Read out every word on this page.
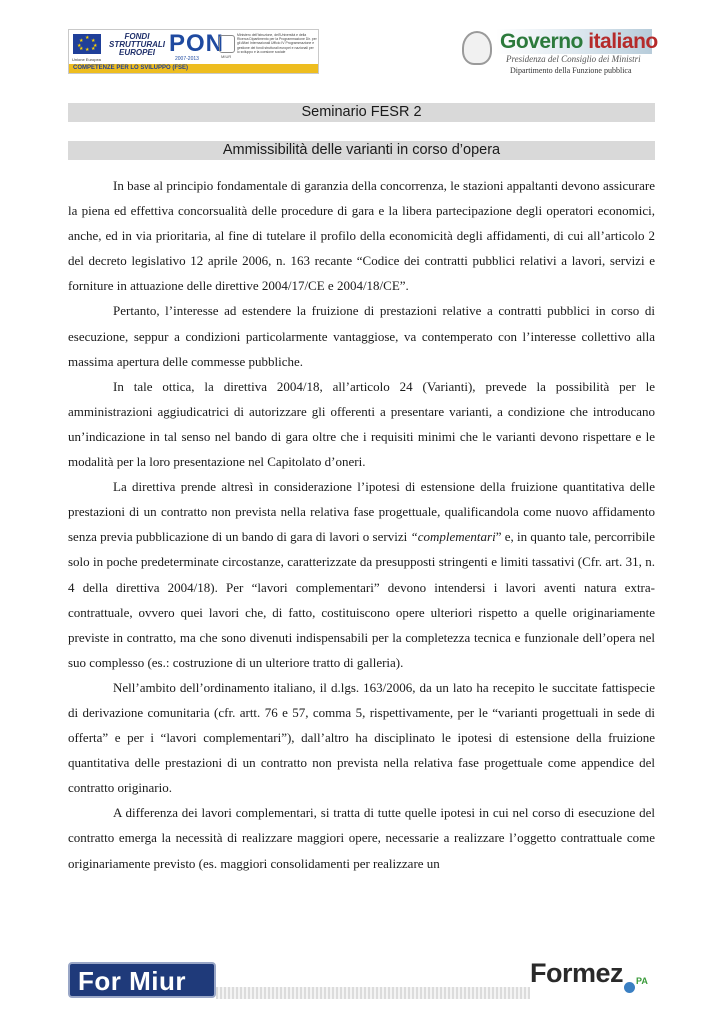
★
★
★
★
★
★ ★
★
Unione Europea
FONDI STRUTTURALI EUROPEI PON
2007-2013	MIUR
Ministero dell'Istruzione, dell'Università e della Ricerca Dipartimento per la Programmazione Dir. per gli Affari Internazionali Ufficio IV Programmazione e gestione dei fondi strutturali europei e nazionali per lo sviluppo e la coesione sociale
COMPETENZE PER LO SVILUPPO (FSE)
Governo italiano
Presidenza del Consiglio dei Ministri
Dipartimento della Funzione pubblica
Seminario FESR 2
Ammissibilità delle varianti in corso d’opera

In base al principio fondamentale di garanzia della concorrenza, le stazioni appaltanti devono assicurare la piena ed effettiva concorsualità delle procedure di gara e la libera partecipazione degli operatori economici, anche, ed in via prioritaria, al fine di tutelare il profilo della economicità degli affidamenti, di cui all’articolo 2 del decreto legislativo 12 aprile 2006, n. 163 recante “Codice dei contratti pubblici relativi a lavori, servizi e forniture in attuazione delle direttive 2004/17/CE e 2004/18/CE”.

Pertanto, l’interesse ad estendere la fruizione di prestazioni relative a contratti pubblici in corso di esecuzione, seppur a condizioni particolarmente vantaggiose, va contemperato con l’interesse collettivo alla massima apertura delle commesse pubbliche.

In tale ottica, la direttiva 2004/18, all’articolo 24 (Varianti), prevede la possibilità per le amministrazioni aggiudicatrici di autorizzare gli offerenti a presentare varianti, a condizione che introducano un’indicazione in tal senso nel bando di gara oltre che i requisiti minimi che le varianti devono rispettare e le modalità per la loro presentazione nel Capitolato d’oneri.

La direttiva prende altresì in considerazione l’ipotesi di estensione della fruizione quantitativa delle prestazioni di un contratto non prevista nella relativa fase progettuale, qualificandola come nuovo affidamento senza previa pubblicazione di un bando di gara di lavori o servizi “complementari” e, in quanto tale, percorribile solo in poche predeterminate circostanze, caratterizzate da presupposti stringenti e limiti tassativi (Cfr. art. 31, n. 4 della direttiva 2004/18). Per “lavori complementari” devono intendersi i lavori aventi natura extra-contrattuale, ovvero quei lavori che, di fatto, costituiscono opere ulteriori rispetto a quelle originariamente previste in contratto, ma che sono divenuti indispensabili per la completezza tecnica e funzionale dell’opera nel suo complesso (es.: costruzione di un ulteriore tratto di galleria).

Nell’ambito dell’ordinamento italiano, il d.lgs. 163/2006, da un lato ha recepito le succitate fattispecie di derivazione comunitaria (cfr. artt. 76 e 57, comma 5, rispettivamente, per le “varianti progettuali in sede di offerta” e per i “lavori complementari”), dall’altro ha disciplinato le ipotesi di estensione della fruizione quantitativa delle prestazioni di un contratto non prevista nella relativa fase progettuale come appendice del contratto originario.

A differenza dei lavori complementari, si tratta di tutte quelle ipotesi in cui nel corso di esecuzione del contratto emerga la necessità di realizzare maggiori opere, necessarie a realizzare l’oggetto contrattuale come originariamente previsto (es. maggiori consolidamenti per realizzare un

For Miur	Formez PA
